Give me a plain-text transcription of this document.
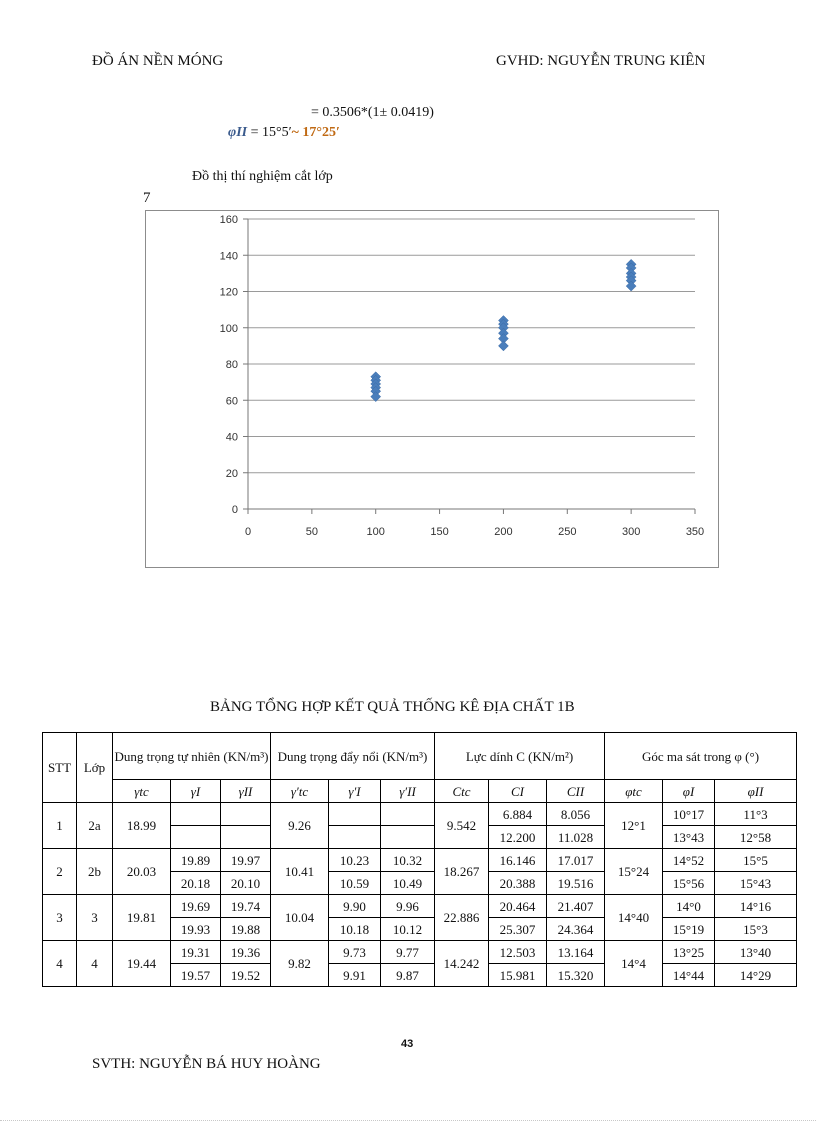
ĐỒ ÁN NỀN MÓNG	GVHD: NGUYỄN TRUNG KIÊN
= 0.3506*(1± 0.0419)
φII = 15°5′~ 17°25′
Đồ thị thí nghiệm cắt lớp
7
0
20
40
60
80
100
120
140
160
0	50	100	150	200	250	300	350
BẢNG TỔNG HỢP KẾT QUẢ THỐNG KÊ ĐỊA CHẤT 1B
STT	Lớp	Dung trọng tự nhiên (KN/m³)			Dung trọng đẩy nổi (KN/m³)			Lực dính C (KN/m²)			Góc ma sát trong φ (°)		
		γtc	γI	γII	γ′tc	γ′I	γ′II	Ctc	CI	CII	φtc	φI	φII
1	2a	18.99			9.26			9.542	6.884	8.056	12°1	10°17	11°3
									12.200	11.028		13°43	12°58
2	2b	20.03	19.89	19.97	10.41	10.23	10.32	18.267	16.146	17.017	15°24	14°52	15°5
			20.18	20.10		10.59	10.49		20.388	19.516		15°56	15°43
3	3	19.81	19.69	19.74	10.04	9.90	9.96	22.886	20.464	21.407	14°40	14°0	14°16
			19.93	19.88		10.18	10.12		25.307	24.364		15°19	15°3
4	4	19.44	19.31	19.36	9.82	9.73	9.77	14.242	12.503	13.164	14°4	13°25	13°40
			19.57	19.52		9.91	9.87		15.981	15.320		14°44	14°29
43
SVTH: NGUYỄN BÁ HUY HOÀNG
